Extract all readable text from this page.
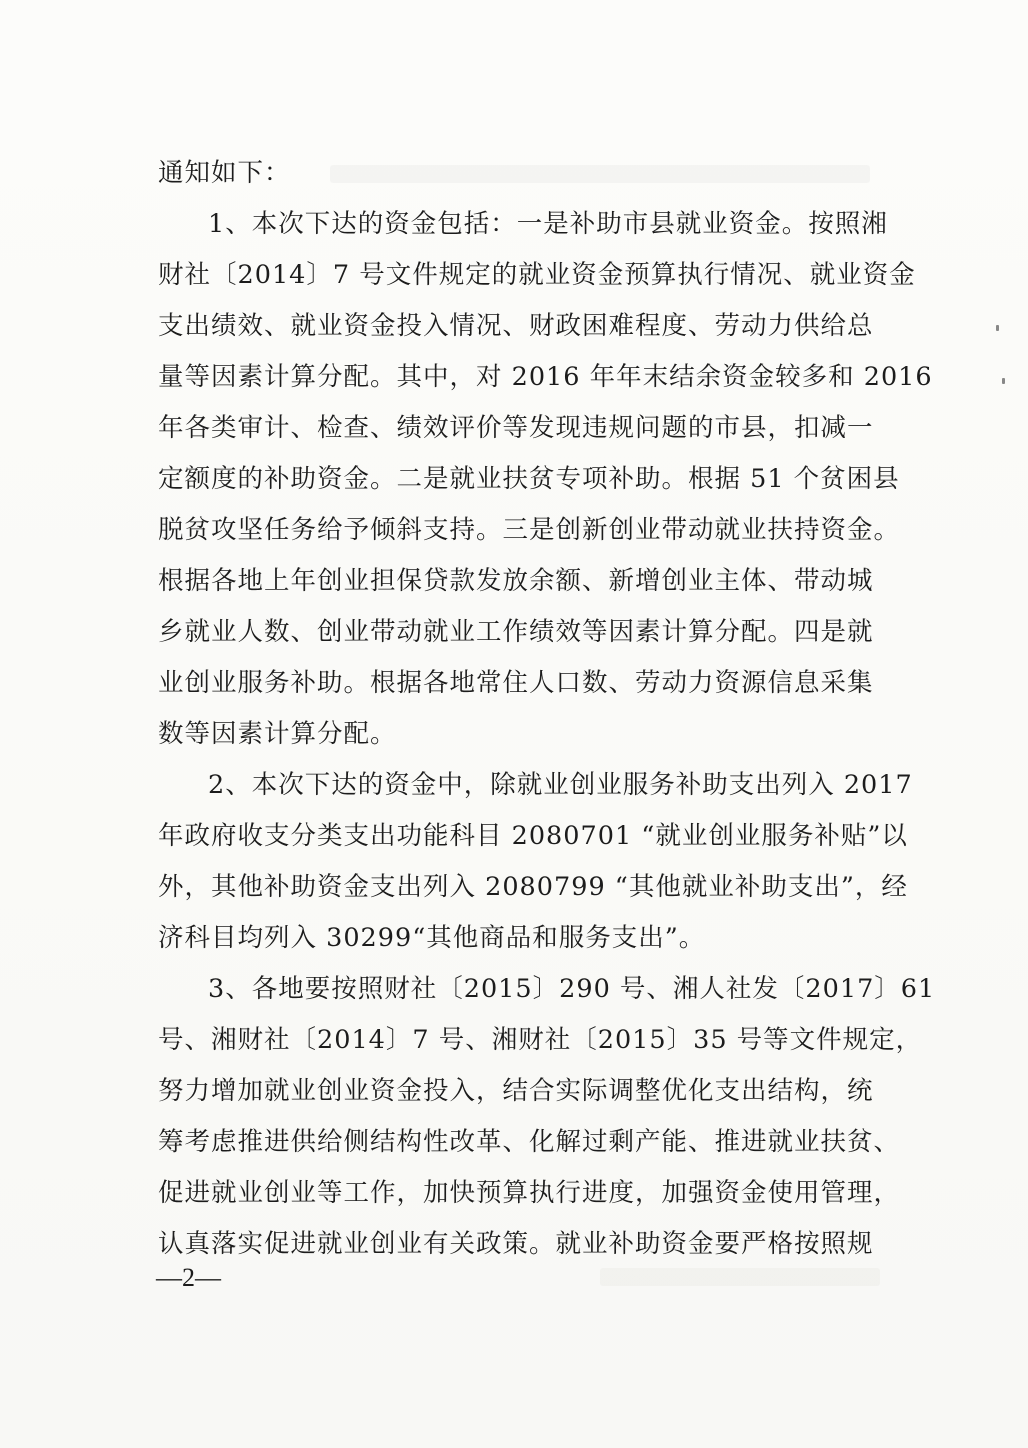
通知如下：
1、本次下达的资金包括：一是补助市县就业资金。按照湘
财社〔2014〕7 号文件规定的就业资金预算执行情况、就业资金
支出绩效、就业资金投入情况、财政困难程度、劳动力供给总
量等因素计算分配。其中，对 2016 年年末结余资金较多和 2016
年各类审计、检查、绩效评价等发现违规问题的市县，扣减一
定额度的补助资金。二是就业扶贫专项补助。根据 51 个贫困县
脱贫攻坚任务给予倾斜支持。三是创新创业带动就业扶持资金。
根据各地上年创业担保贷款发放余额、新增创业主体、带动城
乡就业人数、创业带动就业工作绩效等因素计算分配。四是就
业创业服务补助。根据各地常住人口数、劳动力资源信息采集
数等因素计算分配。
2、本次下达的资金中，除就业创业服务补助支出列入 2017
年政府收支分类支出功能科目 2080701 “就业创业服务补贴”以
外，其他补助资金支出列入 2080799 “其他就业补助支出”，经
济科目均列入 30299“其他商品和服务支出”。
3、各地要按照财社〔2015〕290 号、湘人社发〔2017〕61
号、湘财社〔2014〕7 号、湘财社〔2015〕35 号等文件规定，
努力增加就业创业资金投入，结合实际调整优化支出结构，统
筹考虑推进供给侧结构性改革、化解过剩产能、推进就业扶贫、
促进就业创业等工作，加快预算执行进度，加强资金使用管理，
认真落实促进就业创业有关政策。就业补助资金要严格按照规
—2—
